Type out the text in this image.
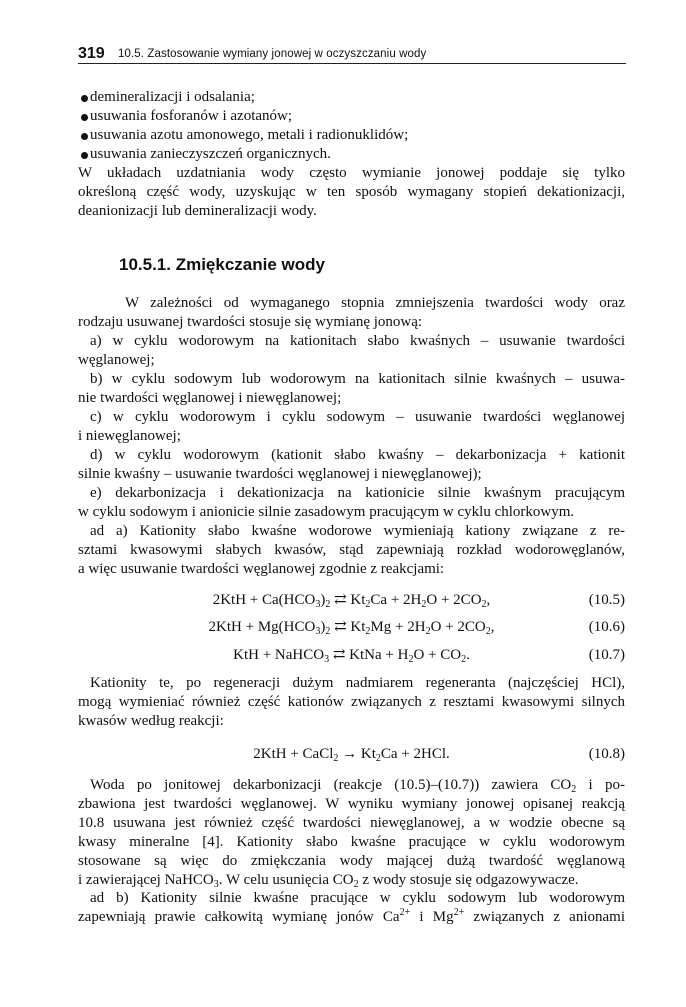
319 10.5. Zastosowanie wymiany jonowej w oczyszczaniu wody
demineralizacji i odsalania;
usuwania fosforanów i azotanów;
usuwania azotu amonowego, metali i radionuklidów;
usuwania zanieczyszczeń organicznych.
W układach uzdatniania wody często wymianie jonowej poddaje się tylko
określoną część wody, uzyskując w ten sposób wymagany stopień dekationizacji,
deanionizacji lub demineralizacji wody.
10.5.1. Zmiękczanie wody
W zależności od wymaganego stopnia zmniejszenia twardości wody oraz
rodzaju usuwanej twardości stosuje się wymianę jonową:
a) w cyklu wodorowym na kationitach słabo kwaśnych – usuwanie twardości
węglanowej;
b) w cyklu sodowym lub wodorowym na kationitach silnie kwaśnych – usuwa-
nie twardości węglanowej i niewęglanowej;
c) w cyklu wodorowym i cyklu sodowym – usuwanie twardości węglanowej
i niewęglanowej;
d) w cyklu wodorowym (kationit słabo kwaśny – dekarbonizacja + kationit
silnie kwaśny – usuwanie twardości węglanowej i niewęglanowej);
e) dekarbonizacja i dekationizacja na kationicie silnie kwaśnym pracującym
w cyklu sodowym i anionicie silnie zasadowym pracującym w cyklu chlorkowym.
ad a) Kationity słabo kwaśne wodorowe wymieniają kationy związane z re-
sztami kwasowymi słabych kwasów, stąd zapewniają rozkład wodorowęglanów,
a więc usuwanie twardości węglanowej zgodnie z reakcjami:
$2KtH + Ca(HCO_3)_2$ ⇄ $Kt_2Ca + 2H_2O + 2CO_2$,	(10.5)
$2KtH + Mg(HCO_3)_2$ ⇄ $Kt_2Mg + 2H_2O + 2CO_2$,	(10.6)
KtH + NaHCO$_3$ ⇄ KtNa + $H_2O + CO_2$.	(10.7)
Kationity te, po regeneracji dużym nadmiarem regeneranta (najczęściej HCl),
mogą wymieniać również część kationów związanych z resztami kwasowymi silnych
kwasów według reakcji:
2KtH + CaCl$_2$ → $Kt_2Ca + 2HCl$.	(10.8)
Woda po jonitowej dekarbonizacji (reakcje (10.5)–(10.7)) zawiera $CO_2$ i po-
zbawiona jest twardości węglanowej. W wyniku wymiany jonowej opisanej reakcją
10.8 usuwana jest również część twardości niewęglanowej, a w wodzie obecne są
kwasy mineralne [4]. Kationity słabo kwaśne pracujące w cyklu wodorowym
stosowane są więc do zmiękczania wody mającej dużą twardość węglanową
i zawierającej NaHCO$_3$. W celu usunięcia $CO_2$ z wody stosuje się odgazowywacze.
ad b) Kationity silnie kwaśne pracujące w cyklu sodowym lub wodorowym
zapewniają prawie całkowitą wymianę jonów $Ca^{2+}$ i $Mg^{2+}$ związanych z anionami
